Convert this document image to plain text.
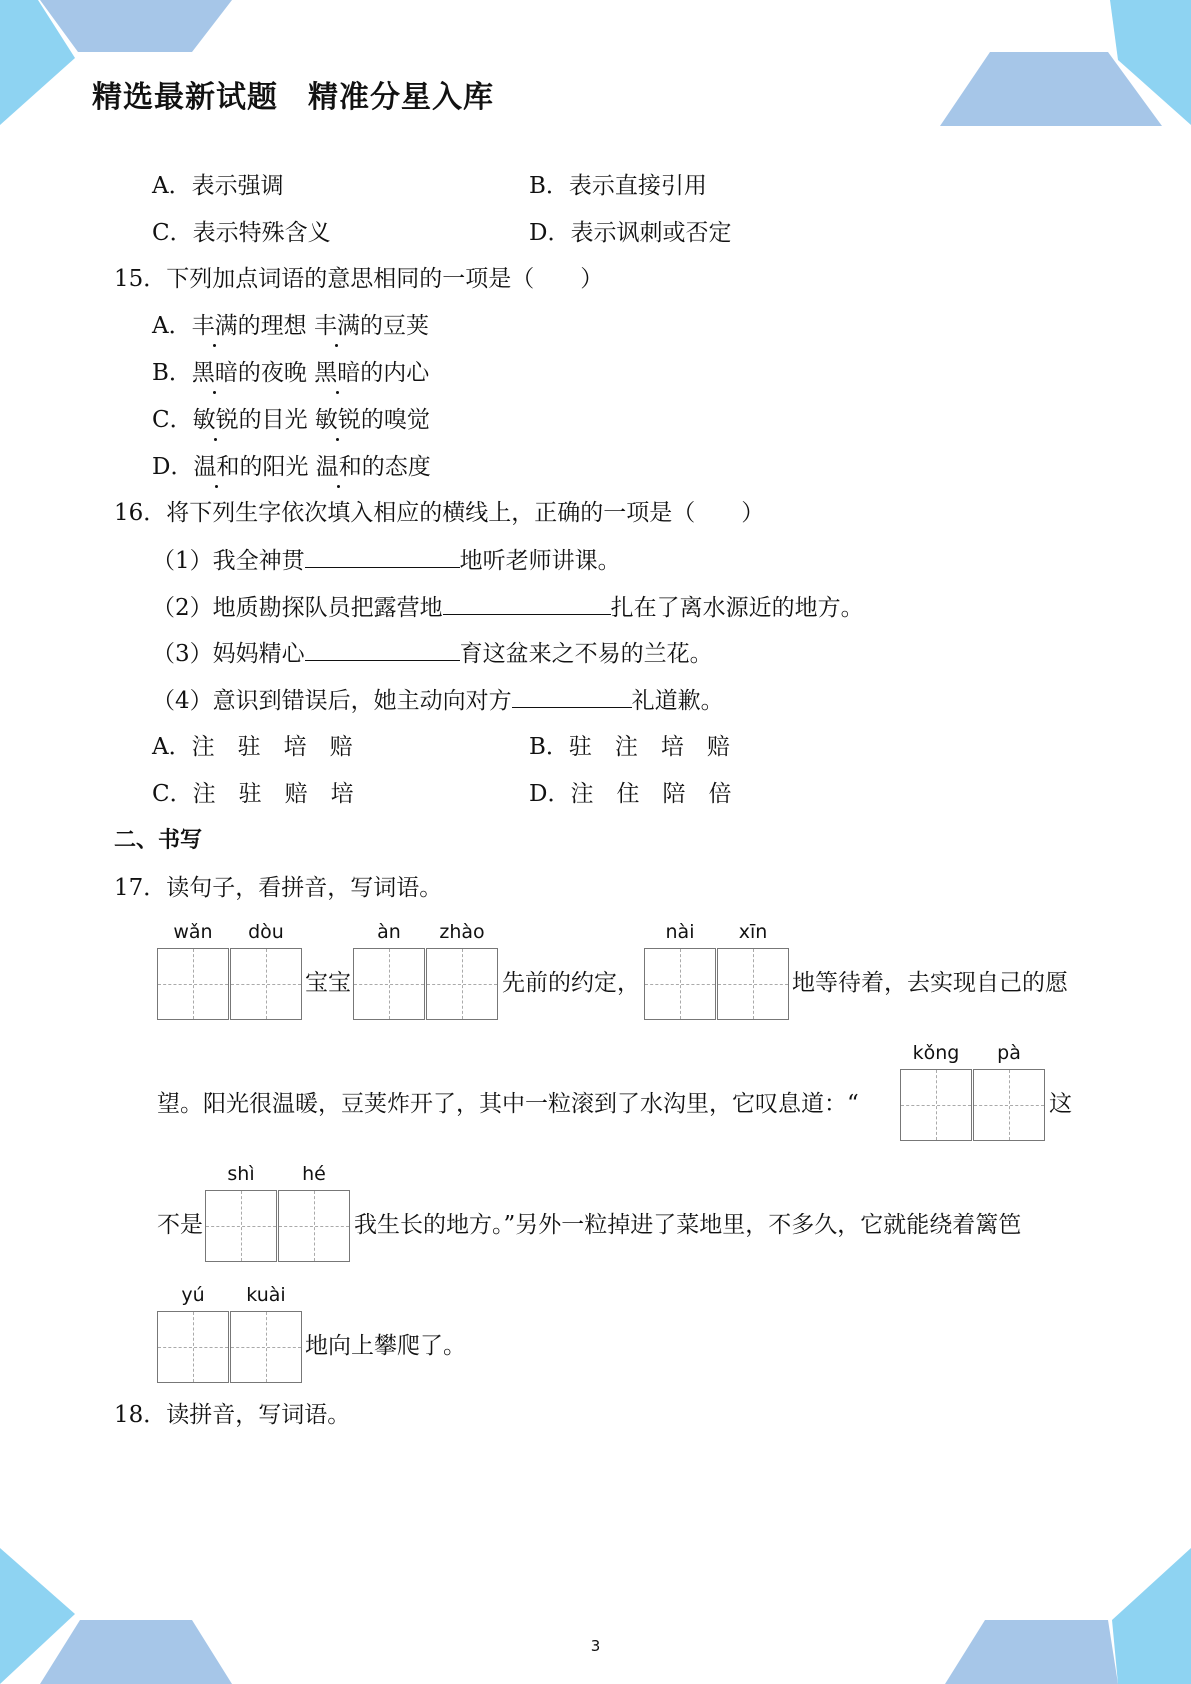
精选最新试题 精准分星入库
A．表示强调	B．表示直接引用
C．表示特殊含义	D．表示讽刺或否定
15．下列加点词语的意思相同的一项是（　　）
A．丰满的理想 丰满的豆荚
B．黑暗的夜晚 黑暗的内心
C．敏锐的目光 敏锐的嗅觉
D．温和的阳光 温和的态度
16．将下列生字依次填入相应的横线上，正确的一项是（　　）
（1）我全神贯	地听老师讲课。
（2）地质勘探队员把露营地	扎在了离水源近的地方。
（3）妈妈精心	育这盆来之不易的兰花。
（4）意识到错误后，她主动向对方	礼道歉。
A．注　驻　培　赔	B．驻　注　培　赔
C．注　驻　赔　培	D．注　住　陪　倍
二、书写
17．读句子，看拼音，写词语。
wǎn	dòu
宝宝
àn	zhào
先前的约定，
nài	xīn
地等待着，去实现自己的愿
望。阳光很温暖，豆荚炸开了，其中一粒滚到了水沟里，它叹息道：“
kǒng	pà
这
不是
shì	hé
我生长的地方。”另外一粒掉进了菜地里，不多久，它就能绕着篱笆
yú	kuài
地向上攀爬了。
18．读拼音，写词语。
3
